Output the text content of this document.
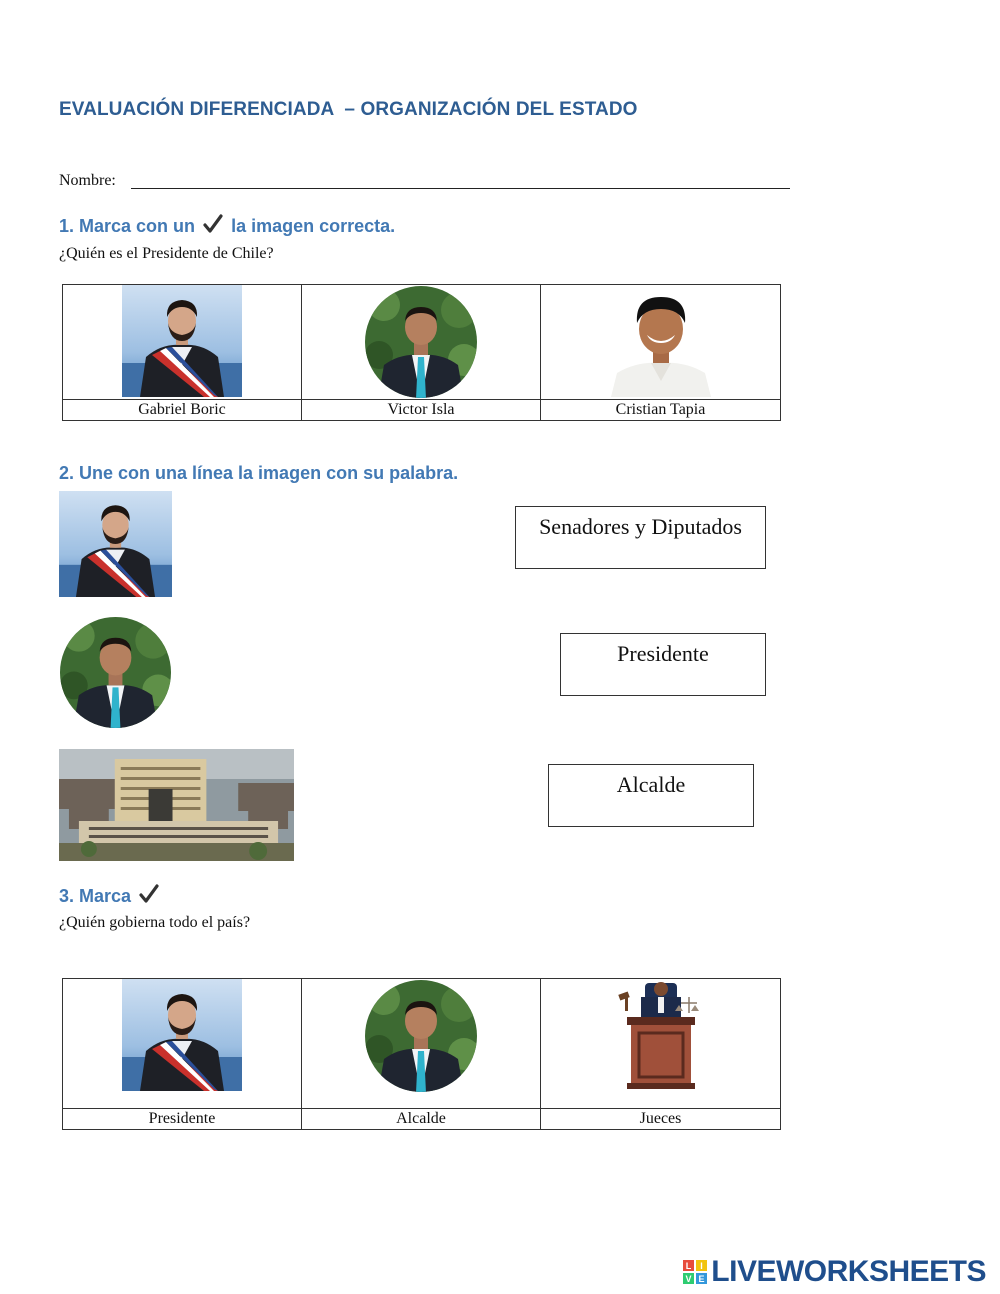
EVALUACIÓN DIFERENCIADA  – ORGANIZACIÓN DEL ESTADO
Nombre:
1. Marca con un la imagen correcta.
¿Quién es el Presidente de Chile?

Gabriel Boric	Victor Isla	Cristian Tapia
2. Une con una línea la imagen con su palabra.
Senadores y Diputados
Presidente
Alcalde
3. Marca
¿Quién gobierna todo el país?

Presidente	Alcalde	Jueces
L I
V E LIVEWORKSHEETS
